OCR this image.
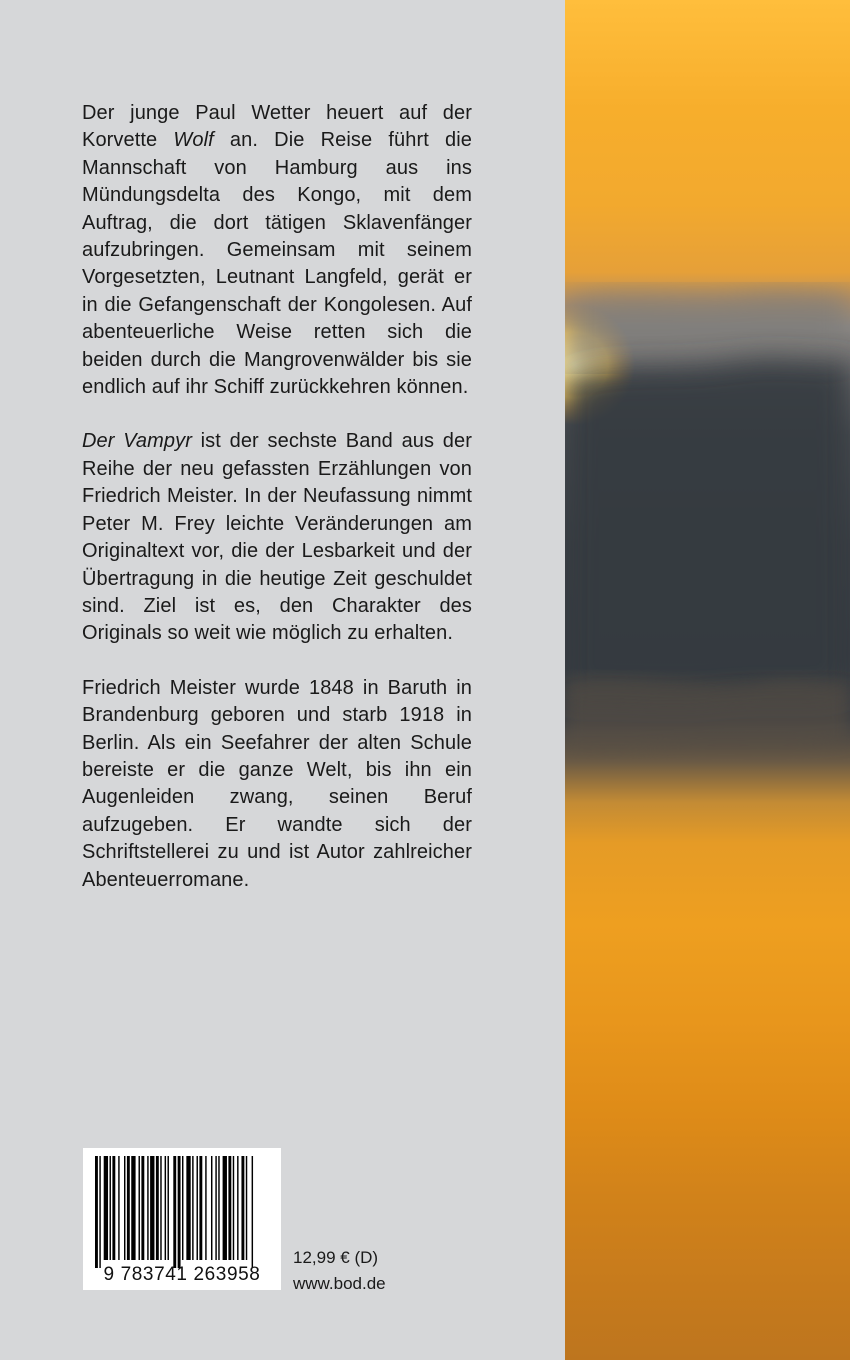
Der junge Paul Wetter heuert auf der Korvette Wolf an. Die Reise führt die Mannschaft von Hamburg aus ins Mündungsdelta des Kongo, mit dem Auftrag, die dort tätigen Sklavenfänger aufzubringen. Gemeinsam mit seinem Vorgesetzten, Leutnant Langfeld, gerät er in die Gefangenschaft der Kongolesen. Auf abenteuerliche Weise retten sich die beiden durch die Mangrovenwälder bis sie endlich auf ihr Schiff zurückkehren können.

Der Vampyr ist der sechste Band aus der Reihe der neu gefassten Erzählungen von Friedrich Meister. In der Neufassung nimmt Peter M. Frey leichte Veränderungen am Originaltext vor, die der Lesbarkeit und der Übertragung in die heutige Zeit geschuldet sind. Ziel ist es, den Charakter des Originals so weit wie möglich zu erhalten.

Friedrich Meister wurde 1848 in Baruth in Brandenburg geboren und starb 1918 in Berlin. Als ein Seefahrer der alten Schule bereiste er die ganze Welt, bis ihn ein Augenleiden zwang, seinen Beruf aufzugeben. Er wandte sich der Schriftstellerei zu und ist Autor zahlreicher Abenteuerromane.

9 783741 263958
12,99 € (D)
www.bod.de
